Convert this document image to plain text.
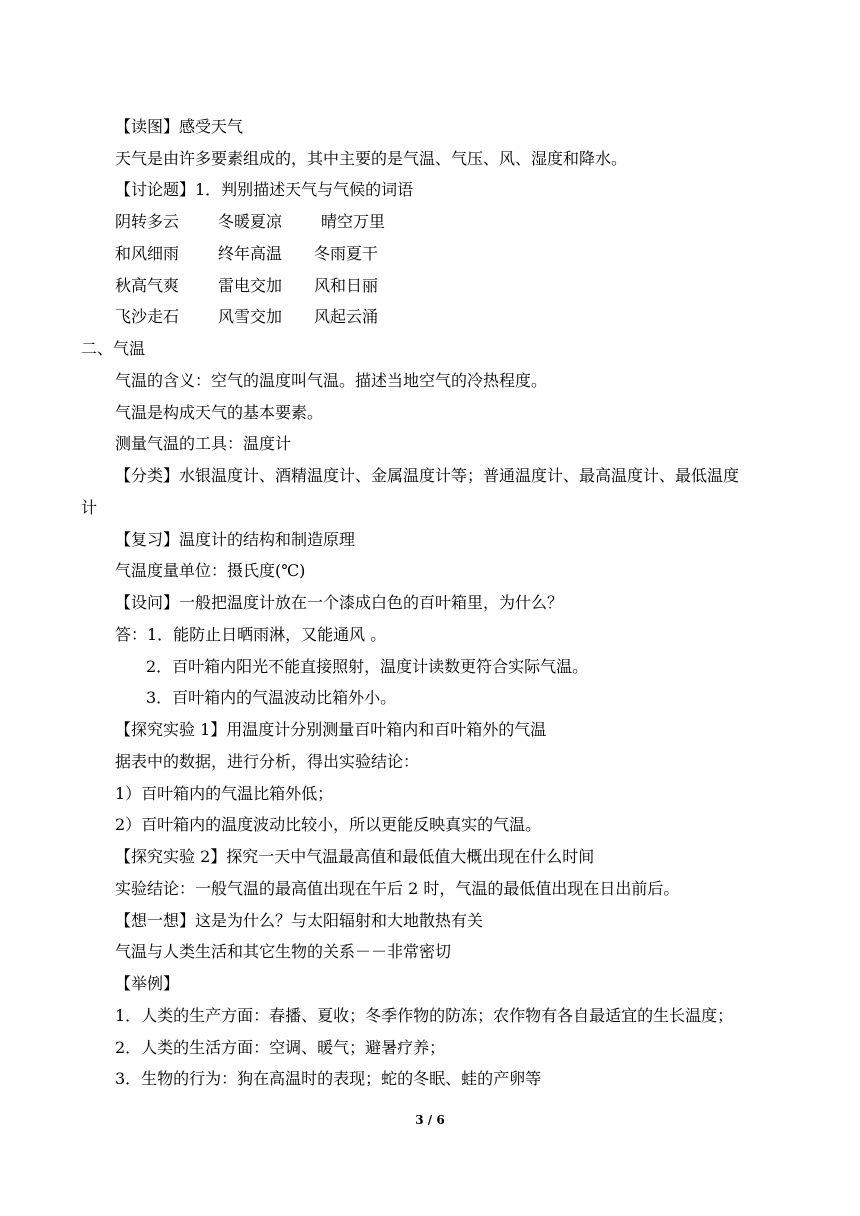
【读图】感受天气

天气是由许多要素组成的，其中主要的是气温、气压、风、湿度和降水。

【讨论题】1．判别描述天气与气候的词语

阴转多云 冬暖夏凉 晴空万里
和风细雨 终年高温 冬雨夏干
秋高气爽 雷电交加 风和日丽
飞沙走石 风雪交加 风起云涌

二、气温

气温的含义：空气的温度叫气温。描述当地空气的冷热程度。

气温是构成天气的基本要素。

测量气温的工具：温度计

【分类】水银温度计、酒精温度计、金属温度计等；普通温度计、最高温度计、最低温度

计

【复习】温度计的结构和制造原理

气温度量单位：摄氏度(℃)

【设问】一般把温度计放在一个漆成白色的百叶箱里，为什么？

答：1．能防止日晒雨淋，又能通风 。

2．百叶箱内阳光不能直接照射，温度计读数更符合实际气温。

3．百叶箱内的气温波动比箱外小。

【探究实验 1】用温度计分别测量百叶箱内和百叶箱外的气温

据表中的数据，进行分析，得出实验结论：

1）百叶箱内的气温比箱外低；

2）百叶箱内的温度波动比较小，所以更能反映真实的气温。

【探究实验 2】探究一天中气温最高值和最低值大概出现在什么时间

实验结论：一般气温的最高值出现在午后 2 时，气温的最低值出现在日出前后。

【想一想】这是为什么？与太阳辐射和大地散热有关

气温与人类生活和其它生物的关系－－非常密切

【举例】

1．人类的生产方面：春播、夏收；冬季作物的防冻；农作物有各自最适宜的生长温度；

2．人类的生活方面：空调、暖气；避暑疗养；

3．生物的行为：狗在高温时的表现；蛇的冬眠、蛙的产卵等

3 / 6
